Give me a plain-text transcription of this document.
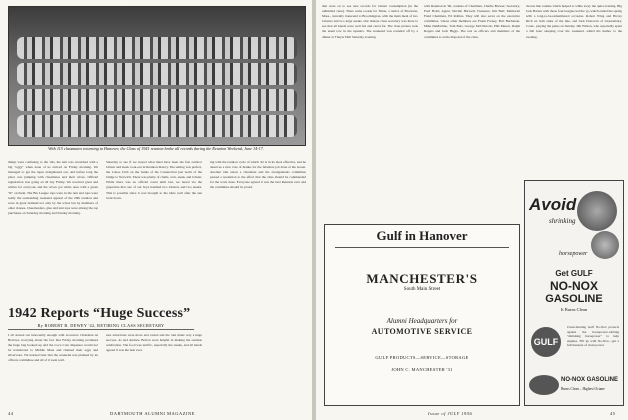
With 115 classmates returning to Hanover, the Class of 1941 reunion broke all records during the Reunion Weekend, June 14-17.
things were confusing to the '42s, the tent was wrenched with a big "oggy" when none of us arrived on Friday morning. We managed to get the tapes straightened out, and before long the place was jumping with classmates and their wives. Official registration was going on all day Friday. We received great and whites for everyone and the wives got white ones with a green "R" on them. The Bis League tops were in the tent and tops were really the outstanding weekend apparel of the 20th reunion and were in great demand not only by the wives but by members of other classes. Cheerleaders, glee and tent tops were among the top purchases on Saturday morning and Sunday morning.
Saturday to see if we stayed what must have been the fast outdoor lobster and steak cook-out in Reunion history. The setting was perfect, the Canoe Club on the banks of the Connecticut just north of the bridge to Norwich. There was plenty of clams, corn, steak, and lobster. While there was no official count until last, we heard via the grapevine that one of our boys handled two lobsters and two steaks. This is possible since it was brought to the table well after the sun went down.
ing with the reunion cycle of which '42 is in its most effective, and he deserves a nice vote of thanks for the fabulous job done at the Green. Another talk about a classmate and the arrangements committee passed a resolution to the effect that the class should be commended for the work done. Everyone agreed it was the best Reunion ever and the committee should be proud.
1942 Reports “Huge Success”
By ROBERT B. DEWEY '42, RETIRING CLASS SECRETARY
I all started out innocently enough with Governor Chairman Al Berlowe worrying about the fact that Friday morning promised the huge bug hooked up and the Coca Cola dispenser would not be transferred to Middle Mass and chained their eggs and silverware. We learned later that the weekend was planned by an officers committee and all of it went well.
ture attractions were more and varied and the rain made way a huge success. At and Andrew Bolton were helpful in making the reunion celebration. The food was terrific, especially the steaks, and all hands agreed it was the best ever.
44	DARTMOUTH ALUMNI MAGAZINE
that were on to see new records for lobster consumption (in the unlimited class). There some rookie for Nixie, a native of Brockton, Mass., currently transcend to Broomington, with the main meal of two lobsters and two large steaks. Our tireless class secretary was there to see that all hands were well fed and cared for. The class picture took the usual row in the upstairs. The weekend was rounded off by a dinner at Thayer Hall Saturday evening.
with Reunion in '96, consists of Chairman, Charlie Brewer; Secretary, Fred Boltz; Agent, Neville Harwell; Treasurer, Jim Bell; Memorial Fund Chairman, Ed Rollins. They will also serve on the executive committee, whose other members are Frank Forney, Bob Buchanan, Mike DeMartino, Tom Burt, George McClintock, Phil Mason, Ralph Rogers and Jack Higgs. The rest as officers and members of the committee is at the disposal of the class.
chorus line routine which helped to while away the quiet evening. Big Jack Barber with those four beagles led the 'go which ended the spring with a long-to-be-remembered occasion. Robert Wing and Hovey Rich on both sides of the line, and Jack Donovan of Glastonbury, Conn., playing the piano on Sunday. Jim Wilson, who reportedly spent a full hour sleeping over the weekend, added his humor to the evening.
Gulf in Hanover
MANCHESTER'S
South Main Street
Alumni Headquarters for
AUTOMOTIVE SERVICE
GULF PRODUCTS—SERVICE—STORAGE
JOHN C. MANCHESTER '31
Avoid
shrinking
horsepower
Get GULF
NO-NOX
GASOLINE
It Burns Clean
GULF
Clean-burning Gulf No-Nox protects against the horsepower-robbing "shrinking horsepower" to help engines. Fill up with No-Nox—get a full measure of clean power.
NO-NOX GASOLINE
Burns Clean – Highest Octane
Issue of JULY 1956	45
